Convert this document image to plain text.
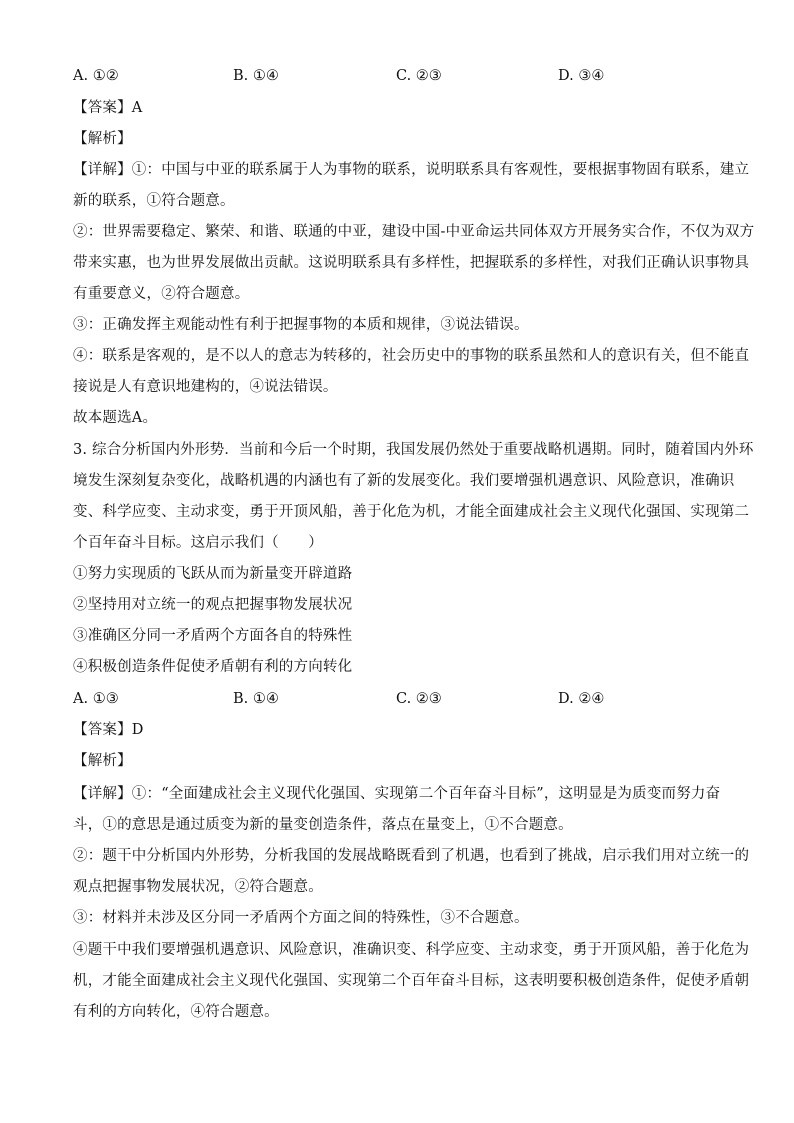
A. ①②	B. ①④	C. ②③	D. ③④
【答案】A
【解析】
【详解】①：中国与中亚的联系属于人为事物的联系，说明联系具有客观性，要根据事物固有联系，建立
新的联系，①符合题意。
②：世界需要稳定、繁荣、和谐、联通的中亚，建设中国-中亚命运共同体双方开展务实合作，不仅为双方
带来实惠，也为世界发展做出贡献。这说明联系具有多样性，把握联系的多样性，对我们正确认识事物具
有重要意义，②符合题意。
③：正确发挥主观能动性有利于把握事物的本质和规律，③说法错误。
④：联系是客观的，是不以人的意志为转移的，社会历史中的事物的联系虽然和人的意识有关，但不能直
接说是人有意识地建构的，④说法错误。
故本题选A。
3. 综合分析国内外形势．当前和今后一个时期，我国发展仍然处于重要战略机遇期。同时，随着国内外环
境发生深刻复杂变化，战略机遇的内涵也有了新的发展变化。我们要增强机遇意识、风险意识，准确识
变、科学应变、主动求变，勇于开顶风船，善于化危为机，才能全面建成社会主义现代化强国、实现第二
个百年奋斗目标。这启示我们（　　）
①努力实现质的飞跃从而为新量变开辟道路
②坚持用对立统一的观点把握事物发展状况
③准确区分同一矛盾两个方面各自的特殊性
④积极创造条件促使矛盾朝有利的方向转化
A. ①③	B. ①④	C. ②③	D. ②④
【答案】D
【解析】
【详解】①：“全面建成社会主义现代化强国、实现第二个百年奋斗目标”，这明显是为质变而努力奋
斗，①的意思是通过质变为新的量变创造条件，落点在量变上，①不合题意。
②：题干中分析国内外形势，分析我国的发展战略既看到了机遇，也看到了挑战，启示我们用对立统一的
观点把握事物发展状况，②符合题意。
③：材料并未涉及区分同一矛盾两个方面之间的特殊性，③不合题意。
④题干中我们要增强机遇意识、风险意识，准确识变、科学应变、主动求变，勇于开顶风船，善于化危为
机，才能全面建成社会主义现代化强国、实现第二个百年奋斗目标，这表明要积极创造条件，促使矛盾朝
有利的方向转化，④符合题意。
